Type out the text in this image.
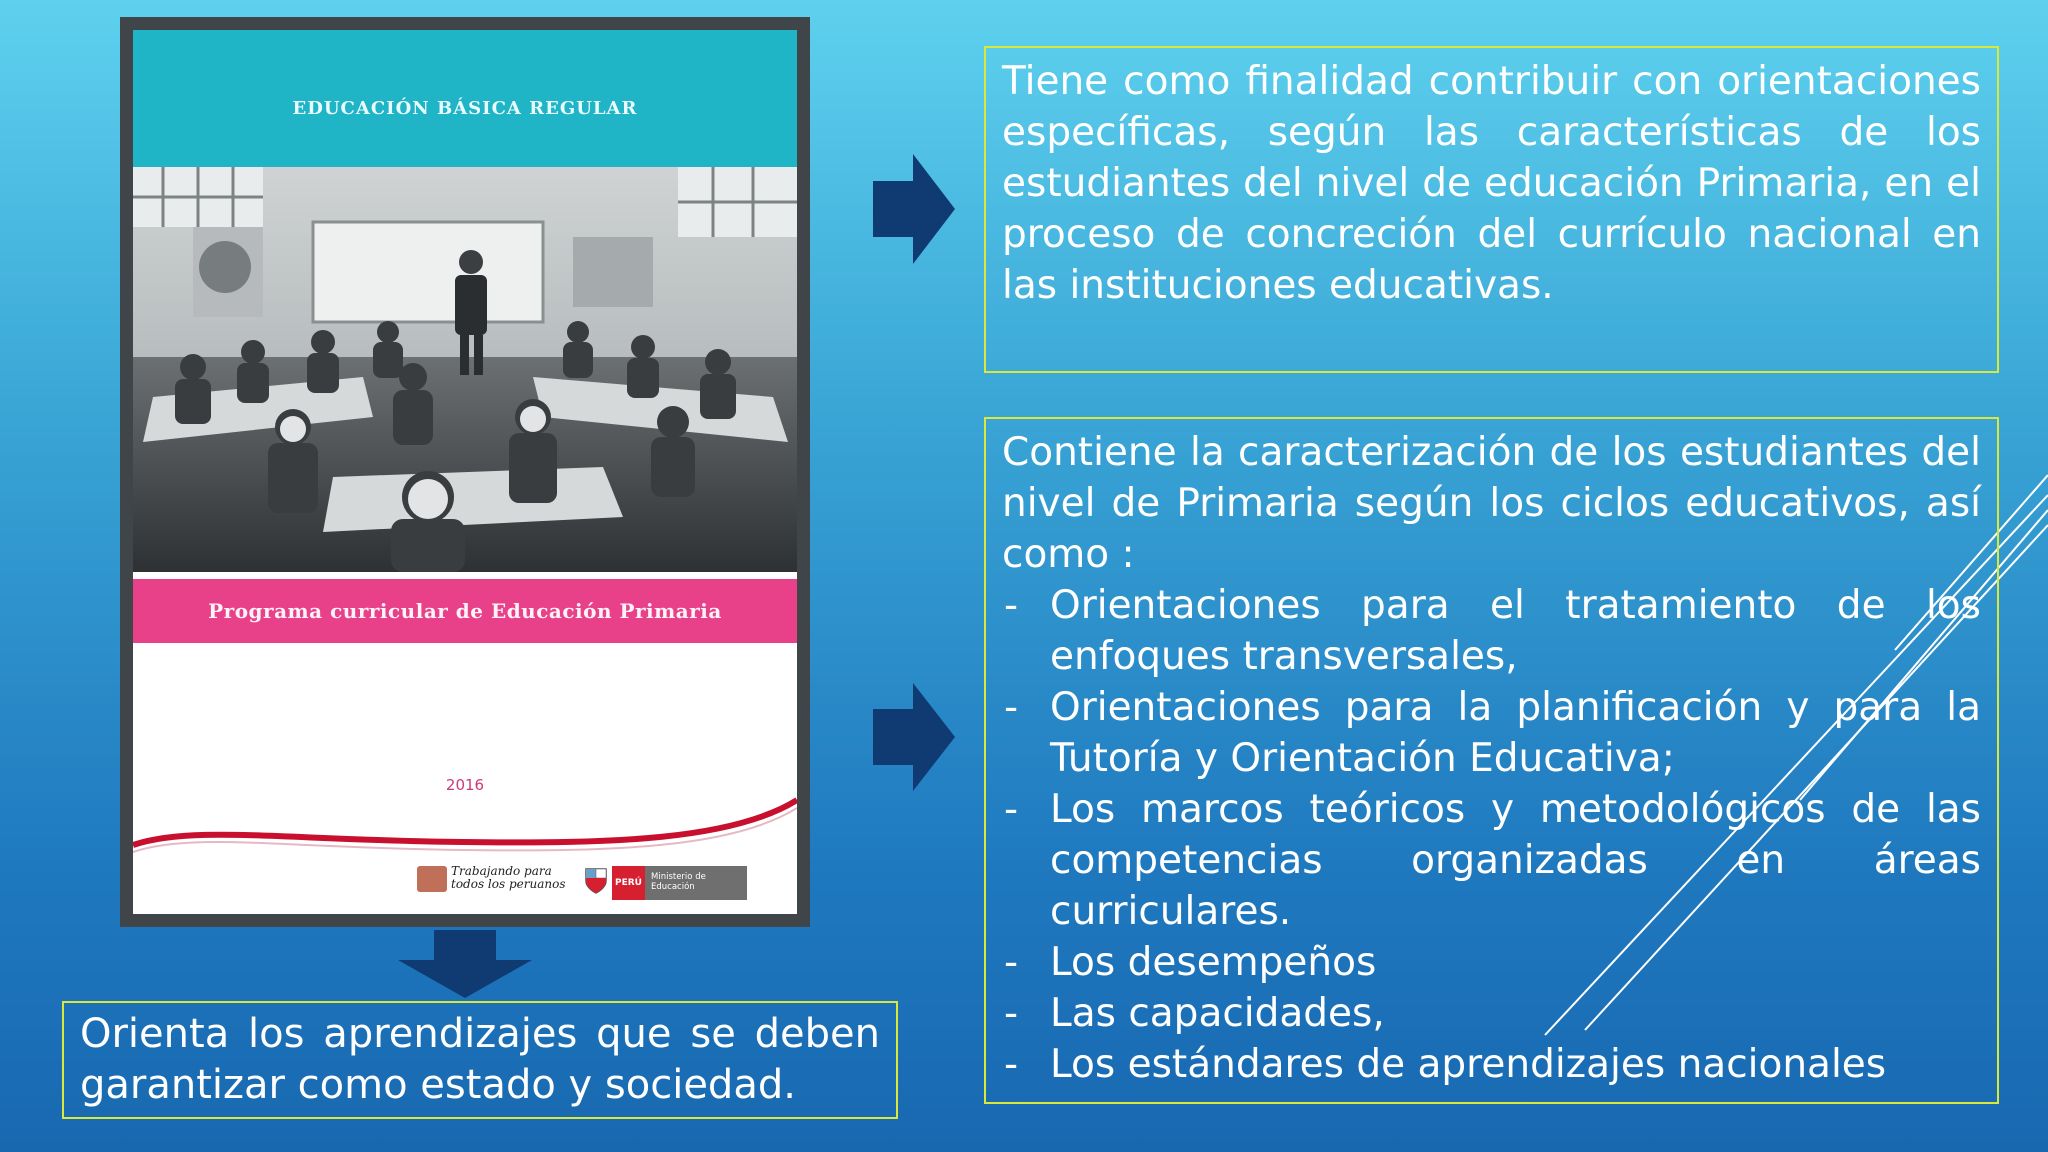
EDUCACIÓN BÁSICA REGULAR
Programa curricular de Educación Primaria
2016
Trabajando para todos los peruanos	PERÚ
Ministerio de Educación
Tiene como finalidad contribuir con orientaciones específicas, según las características de los estudiantes del nivel de educación Primaria, en el proceso de concreción del currículo nacional en las instituciones educativas.
Contiene la caracterización de los estudiantes del nivel de Primaria según los ciclos educativos, así como :
- Orientaciones para el tratamiento de los enfoques transversales,
- Orientaciones para la planificación y para la Tutoría y Orientación Educativa;
- Los marcos teóricos y metodológicos de las competencias organizadas en áreas curriculares.
- Los desempeños
- Las capacidades,
- Los estándares de aprendizajes nacionales
Orienta los aprendizajes que se deben garantizar como estado y sociedad.
